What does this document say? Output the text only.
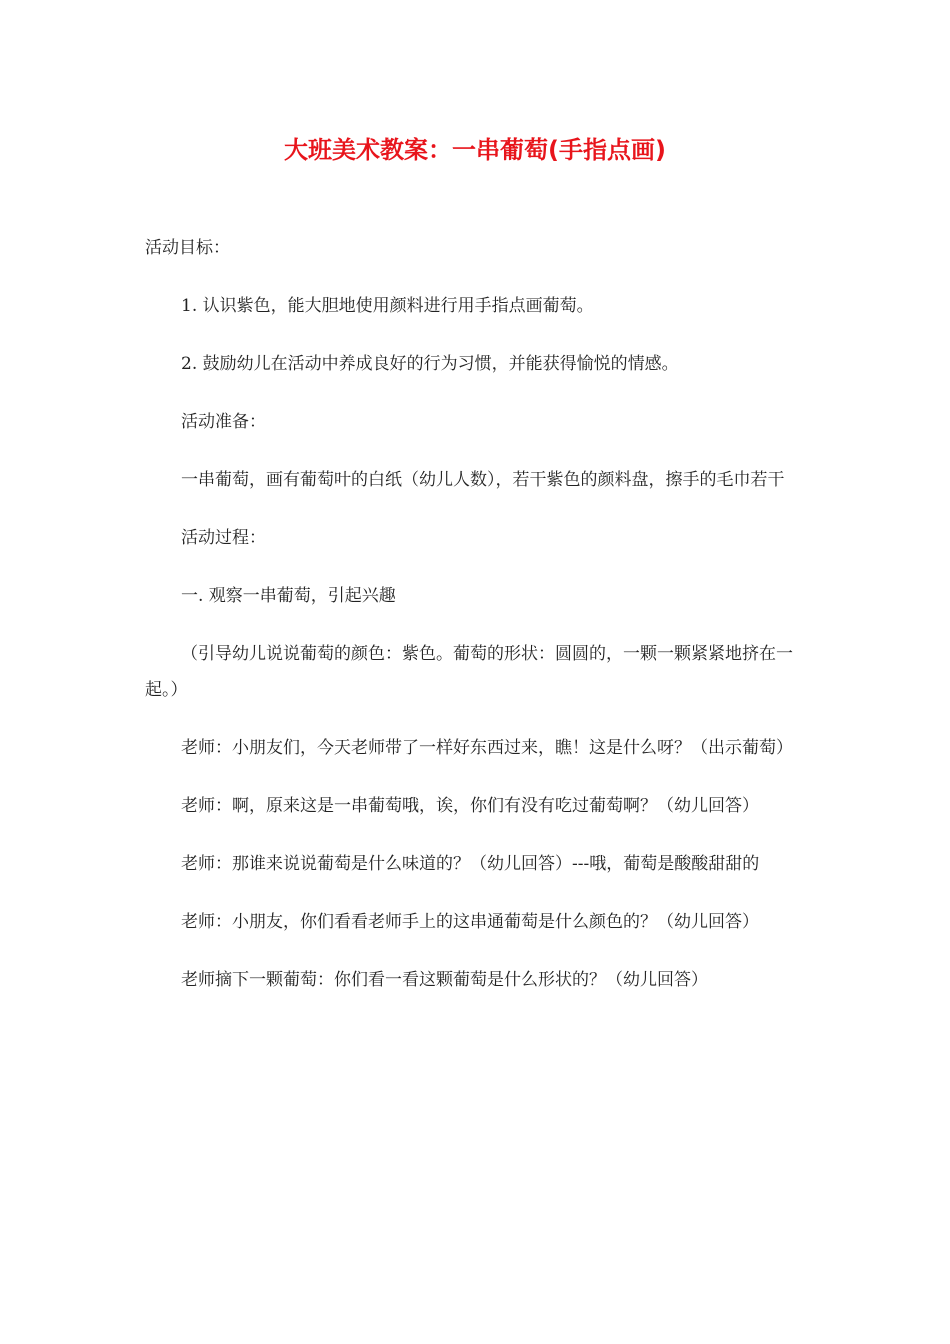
大班美术教案：一串葡萄(手指点画)

活动目标：

1. 认识紫色，能大胆地使用颜料进行用手指点画葡萄。

2. 鼓励幼儿在活动中养成良好的行为习惯，并能获得愉悦的情感。

活动准备：

一串葡萄，画有葡萄叶的白纸（幼儿人数），若干紫色的颜料盘，擦手的毛巾若干

活动过程：

一. 观察一串葡萄，引起兴趣

（引导幼儿说说葡萄的颜色：紫色。葡萄的形状：圆圆的，一颗一颗紧紧地挤在一起。）

老师：小朋友们，今天老师带了一样好东西过来，瞧！这是什么呀？（出示葡萄）

老师：啊，原来这是一串葡萄哦，诶，你们有没有吃过葡萄啊？（幼儿回答）

老师：那谁来说说葡萄是什么味道的？（幼儿回答）---哦，葡萄是酸酸甜甜的

老师：小朋友，你们看看老师手上的这串通葡萄是什么颜色的？（幼儿回答）

老师摘下一颗葡萄：你们看一看这颗葡萄是什么形状的？（幼儿回答）
